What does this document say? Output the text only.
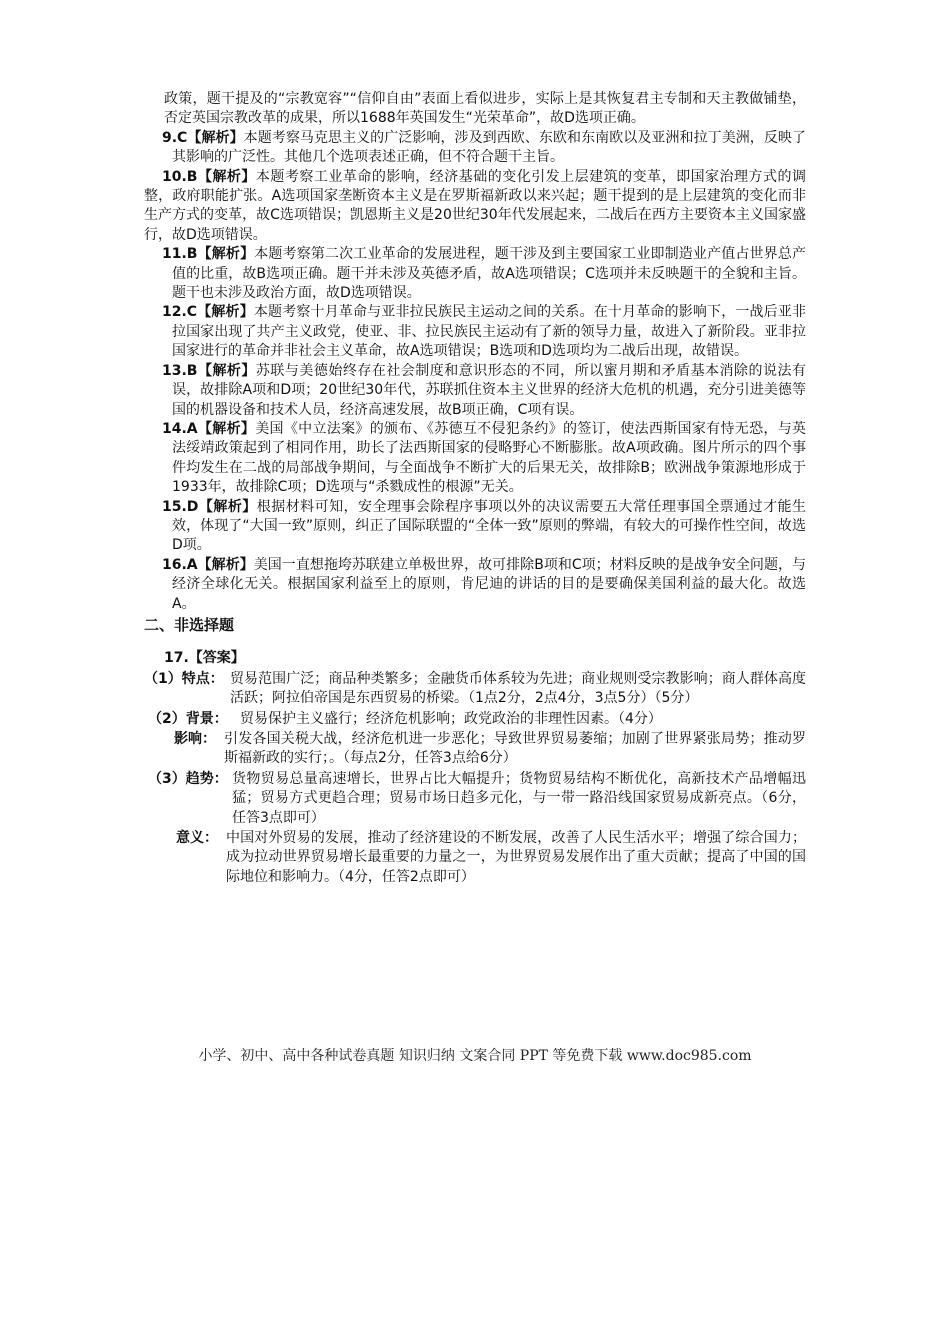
政策，题干提及的“宗教宽容”“信仰自由”表面上看似进步，实际上是其恢复君主专制和天主教做铺垫，否定英国宗教改革的成果，所以1688年英国发生“光荣革命”，故D选项正确。

9.C【解析】本题考察马克思主义的广泛影响，涉及到西欧、东欧和东南欧以及亚洲和拉丁美洲，反映了其影响的广泛性。其他几个选项表述正确，但不符合题干主旨。

10.B【解析】本题考察工业革命的影响，经济基础的变化引发上层建筑的变革，即国家治理方式的调整，政府职能扩张。A选项国家垄断资本主义是在罗斯福新政以来兴起；题干提到的是上层建筑的变化而非生产方式的变革，故C选项错误；凯恩斯主义是20世纪30年代发展起来，二战后在西方主要资本主义国家盛行，故D选项错误。

11.B【解析】本题考察第二次工业革命的发展进程，题干涉及到主要国家工业即制造业产值占世界总产值的比重，故B选项正确。题干并未涉及英德矛盾，故A选项错误；C选项并未反映题干的全貌和主旨。题干也未涉及政治方面，故D选项错误。

12.C【解析】本题考察十月革命与亚非拉民族民主运动之间的关系。在十月革命的影响下，一战后亚非拉国家出现了共产主义政党，使亚、非、拉民族民主运动有了新的领导力量，故进入了新阶段。亚非拉国家进行的革命并非社会主义革命，故A选项错误；B选项和D选项均为二战后出现，故错误。

13.B【解析】苏联与美德始终存在社会制度和意识形态的不同，所以蜜月期和矛盾基本消除的说法有误，故排除A项和D项；20世纪30年代，苏联抓住资本主义世界的经济大危机的机遇，充分引进美德等国的机器设备和技术人员，经济高速发展，故B项正确，C项有误。

14.A【解析】美国《中立法案》的颁布、《苏德互不侵犯条约》的签订，使法西斯国家有恃无恐，与英法绥靖政策起到了相同作用，助长了法西斯国家的侵略野心不断膨胀。故A项政确。图片所示的四个事件均发生在二战的局部战争期间，与全面战争不断扩大的后果无关，故排除B；欧洲战争策源地形成于1933年，故排除C项；D选项与“杀戮成性的根源”无关。

15.D【解析】根据材料可知，安全理事会除程序事项以外的决议需要五大常任理事国全票通过才能生效，体现了“大国一致”原则，纠正了国际联盟的“全体一致”原则的弊端，有较大的可操作性空间，故选D项。

16.A【解析】美国一直想拖垮苏联建立单极世界，故可排除B项和C项；材料反映的是战争安全问题，与经济全球化无关。根据国家利益至上的原则，肯尼迪的讲话的目的是要确保美国利益的最大化。故选A。

二、非选择题

17.【答案】

（1）特点： 贸易范围广泛；商品种类繁多；金融货币体系较为先进；商业规则受宗教影响；商人群体高度活跃；阿拉伯帝国是东西贸易的桥梁。（1点2分，2点4分，3点5分）（5分）
（2）背景： 贸易保护主义盛行；经济危机影响；政党政治的非理性因素。（4分）
影响： 引发各国关税大战，经济危机进一步恶化；导致世界贸易萎缩；加剧了世界紧张局势；推动罗斯福新政的实行；。（每点2分，任答3点给6分）
（3）趋势： 货物贸易总量高速增长，世界占比大幅提升；货物贸易结构不断优化，高新技术产品增幅迅猛；贸易方式更趋合理；贸易市场日趋多元化，与一带一路沿线国家贸易成新亮点。（6分，任答3点即可）
意义： 中国对外贸易的发展，推动了经济建设的不断发展，改善了人民生活水平；增强了综合国力；成为拉动世界贸易增长最重要的力量之一，为世界贸易发展作出了重大贡献；提高了中国的国际地位和影响力。（4分，任答2点即可）
小学、初中、高中各种试卷真题 知识归纳 文案合同 PPT 等免费下载 www.doc985.com
